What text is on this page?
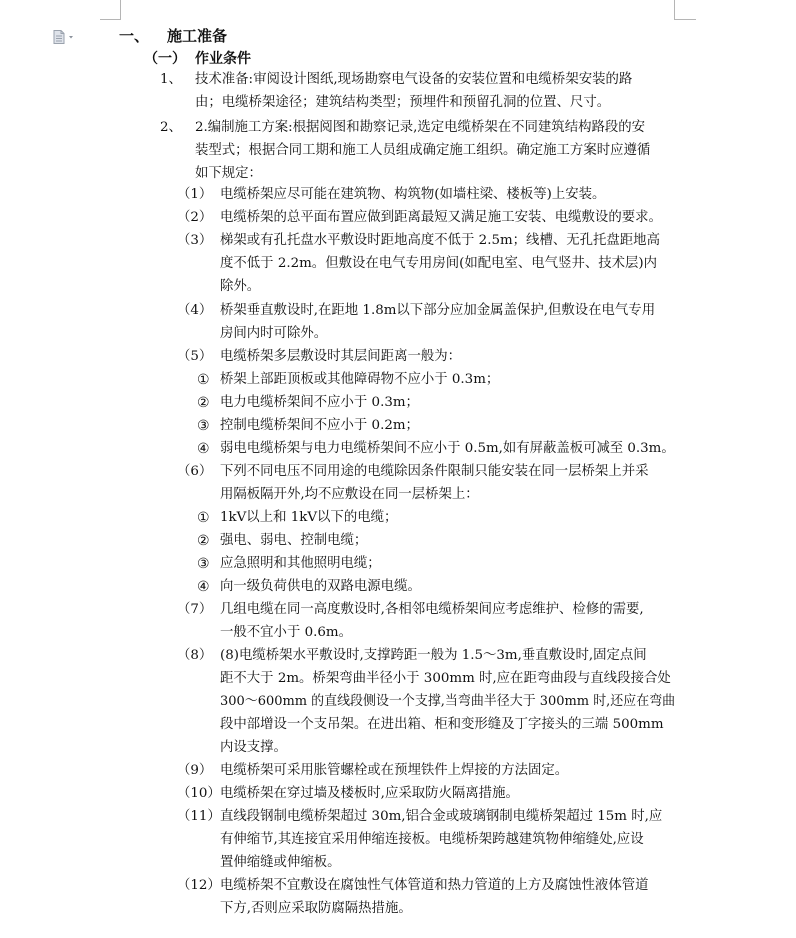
一、 施工准备
（一） 作业条件
1、 技术准备:审阅设计图纸,现场勘察电气设备的安装位置和电缆桥架安装的路
由；电缆桥架途径；建筑结构类型；预埋件和预留孔洞的位置、尺寸。
2、 2.编制施工方案:根据阅图和勘察记录,选定电缆桥架在不同建筑结构路段的安
装型式；根据合同工期和施工人员组成确定施工组织。确定施工方案时应遵循
如下规定：
（1） 电缆桥架应尽可能在建筑物、构筑物(如墙柱梁、楼板等)上安装。
（2） 电缆桥架的总平面布置应做到距离最短又满足施工安装、电缆敷设的要求。
（3） 梯架或有孔托盘水平敷设时距地高度不低于 2.5m；线槽、无孔托盘距地高
度不低于 2.2m。但敷设在电气专用房间(如配电室、电气竖井、技术层)内
除外。
（4） 桥架垂直敷设时,在距地 1.8m以下部分应加金属盖保护,但敷设在电气专用
房间内时可除外。
（5） 电缆桥架多层敷设时其层间距离一般为：
① 桥架上部距顶板或其他障碍物不应小于 0.3m；
② 电力电缆桥架间不应小于 0.3m；
③ 控制电缆桥架间不应小于 0.2m；
④ 弱电电缆桥架与电力电缆桥架间不应小于 0.5m,如有屏蔽盖板可减至 0.3m。
（6） 下列不同电压不同用途的电缆除因条件限制只能安装在同一层桥架上并采
用隔板隔开外,均不应敷设在同一层桥架上：
① 1kV以上和 1kV以下的电缆；
② 强电、弱电、控制电缆；
③ 应急照明和其他照明电缆；
④ 向一级负荷供电的双路电源电缆。
（7） 几组电缆在同一高度敷设时,各相邻电缆桥架间应考虑维护、检修的需要,
一般不宜小于 0.6m。
（8） (8)电缆桥架水平敷设时,支撑跨距一般为 1.5～3m,垂直敷设时,固定点间
距不大于 2m。桥架弯曲半径小于 300mm 时,应在距弯曲段与直线段接合处
300～600mm 的直线段侧设一个支撑,当弯曲半径大于 300mm 时,还应在弯曲
段中部增设一个支吊架。在进出箱、柜和变形缝及丁字接头的三端 500mm
内设支撑。
（9） 电缆桥架可采用胀管螺栓或在预埋铁件上焊接的方法固定。
（10） 电缆桥架在穿过墙及楼板时,应采取防火隔离措施。
（11） 直线段钢制电缆桥架超过 30m,铝合金或玻璃钢制电缆桥架超过 15m 时,应
有伸缩节,其连接宜采用伸缩连接板。电缆桥架跨越建筑物伸缩缝处,应设
置伸缩缝或伸缩板。
（12） 电缆桥架不宜敷设在腐蚀性气体管道和热力管道的上方及腐蚀性液体管道
下方,否则应采取防腐隔热措施。
